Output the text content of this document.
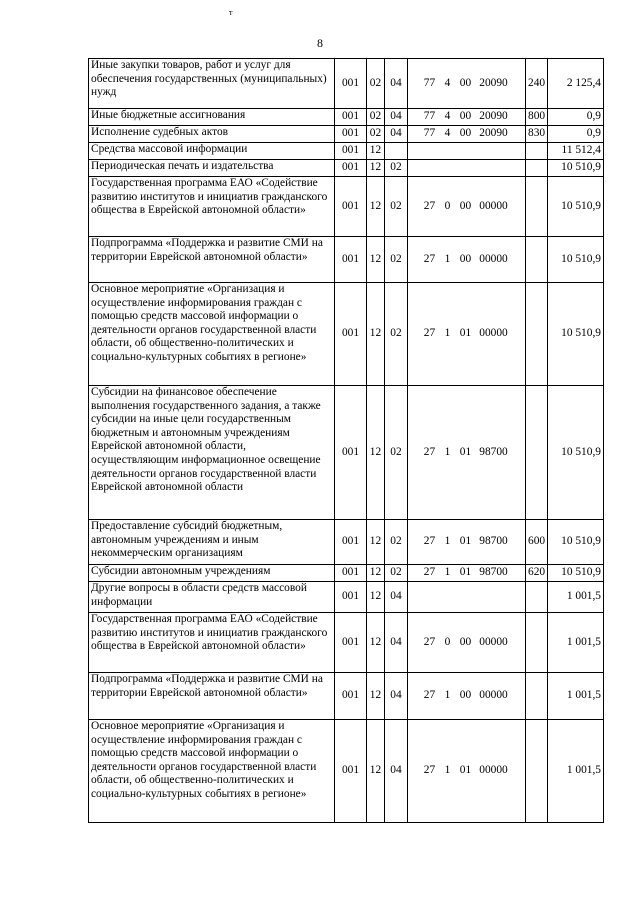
т
8
Иные закупки товаров, работ и услуг для обеспечения государственных (муниципальных) нужд	001	02	04	77 4 00 20090	240	2 125,4
Иные бюджетные ассигнования	001	02	04	77 4 00 20090	800	0,9
Исполнение судебных актов	001	02	04	77 4 00 20090	830	0,9
Средства массовой информации	001	12				11 512,4
Периодическая печать и издательства	001	12	02			10 510,9
Государственная программа ЕАО «Содействие развитию институтов и инициатив гражданского общества в Еврейской автономной области»	001	12	02	27 0 00 00000		10 510,9
Подпрограмма «Поддержка и развитие СМИ на территории Еврейской автономной области»	001	12	02	27 1 00 00000		10 510,9
Основное мероприятие «Организация и осуществление информирования граждан с помощью средств массовой информации о деятельности органов государственной власти области, об общественно-политических и социально-культурных событиях в регионе»	001	12	02	27 1 01 00000		10 510,9
Субсидии на финансовое обеспечение выполнения государственного задания, а также субсидии на иные цели государственным бюджетным и автономным учреждениям Еврейской автономной области, осуществляющим информационное освещение деятельности органов государственной власти Еврейской автономной области	001	12	02	27 1 01 98700		10 510,9
Предоставление субсидий бюджетным, автономным учреждениям и иным некоммерческим организациям	001	12	02	27 1 01 98700	600	10 510,9
Субсидии автономным учреждениям	001	12	02	27 1 01 98700	620	10 510,9
Другие вопросы в области средств массовой информации	001	12	04			1 001,5
Государственная программа ЕАО «Содействие развитию институтов и инициатив гражданского общества в Еврейской автономной области»	001	12	04	27 0 00 00000		1 001,5
Подпрограмма «Поддержка и развитие СМИ на территории Еврейской автономной области»	001	12	04	27 1 00 00000		1 001,5
Основное мероприятие «Организация и осуществление информирования граждан с помощью средств массовой информации о деятельности органов государственной власти области, об общественно-политических и социально-культурных событиях в регионе»	001	12	04	27 1 01 00000		1 001,5
